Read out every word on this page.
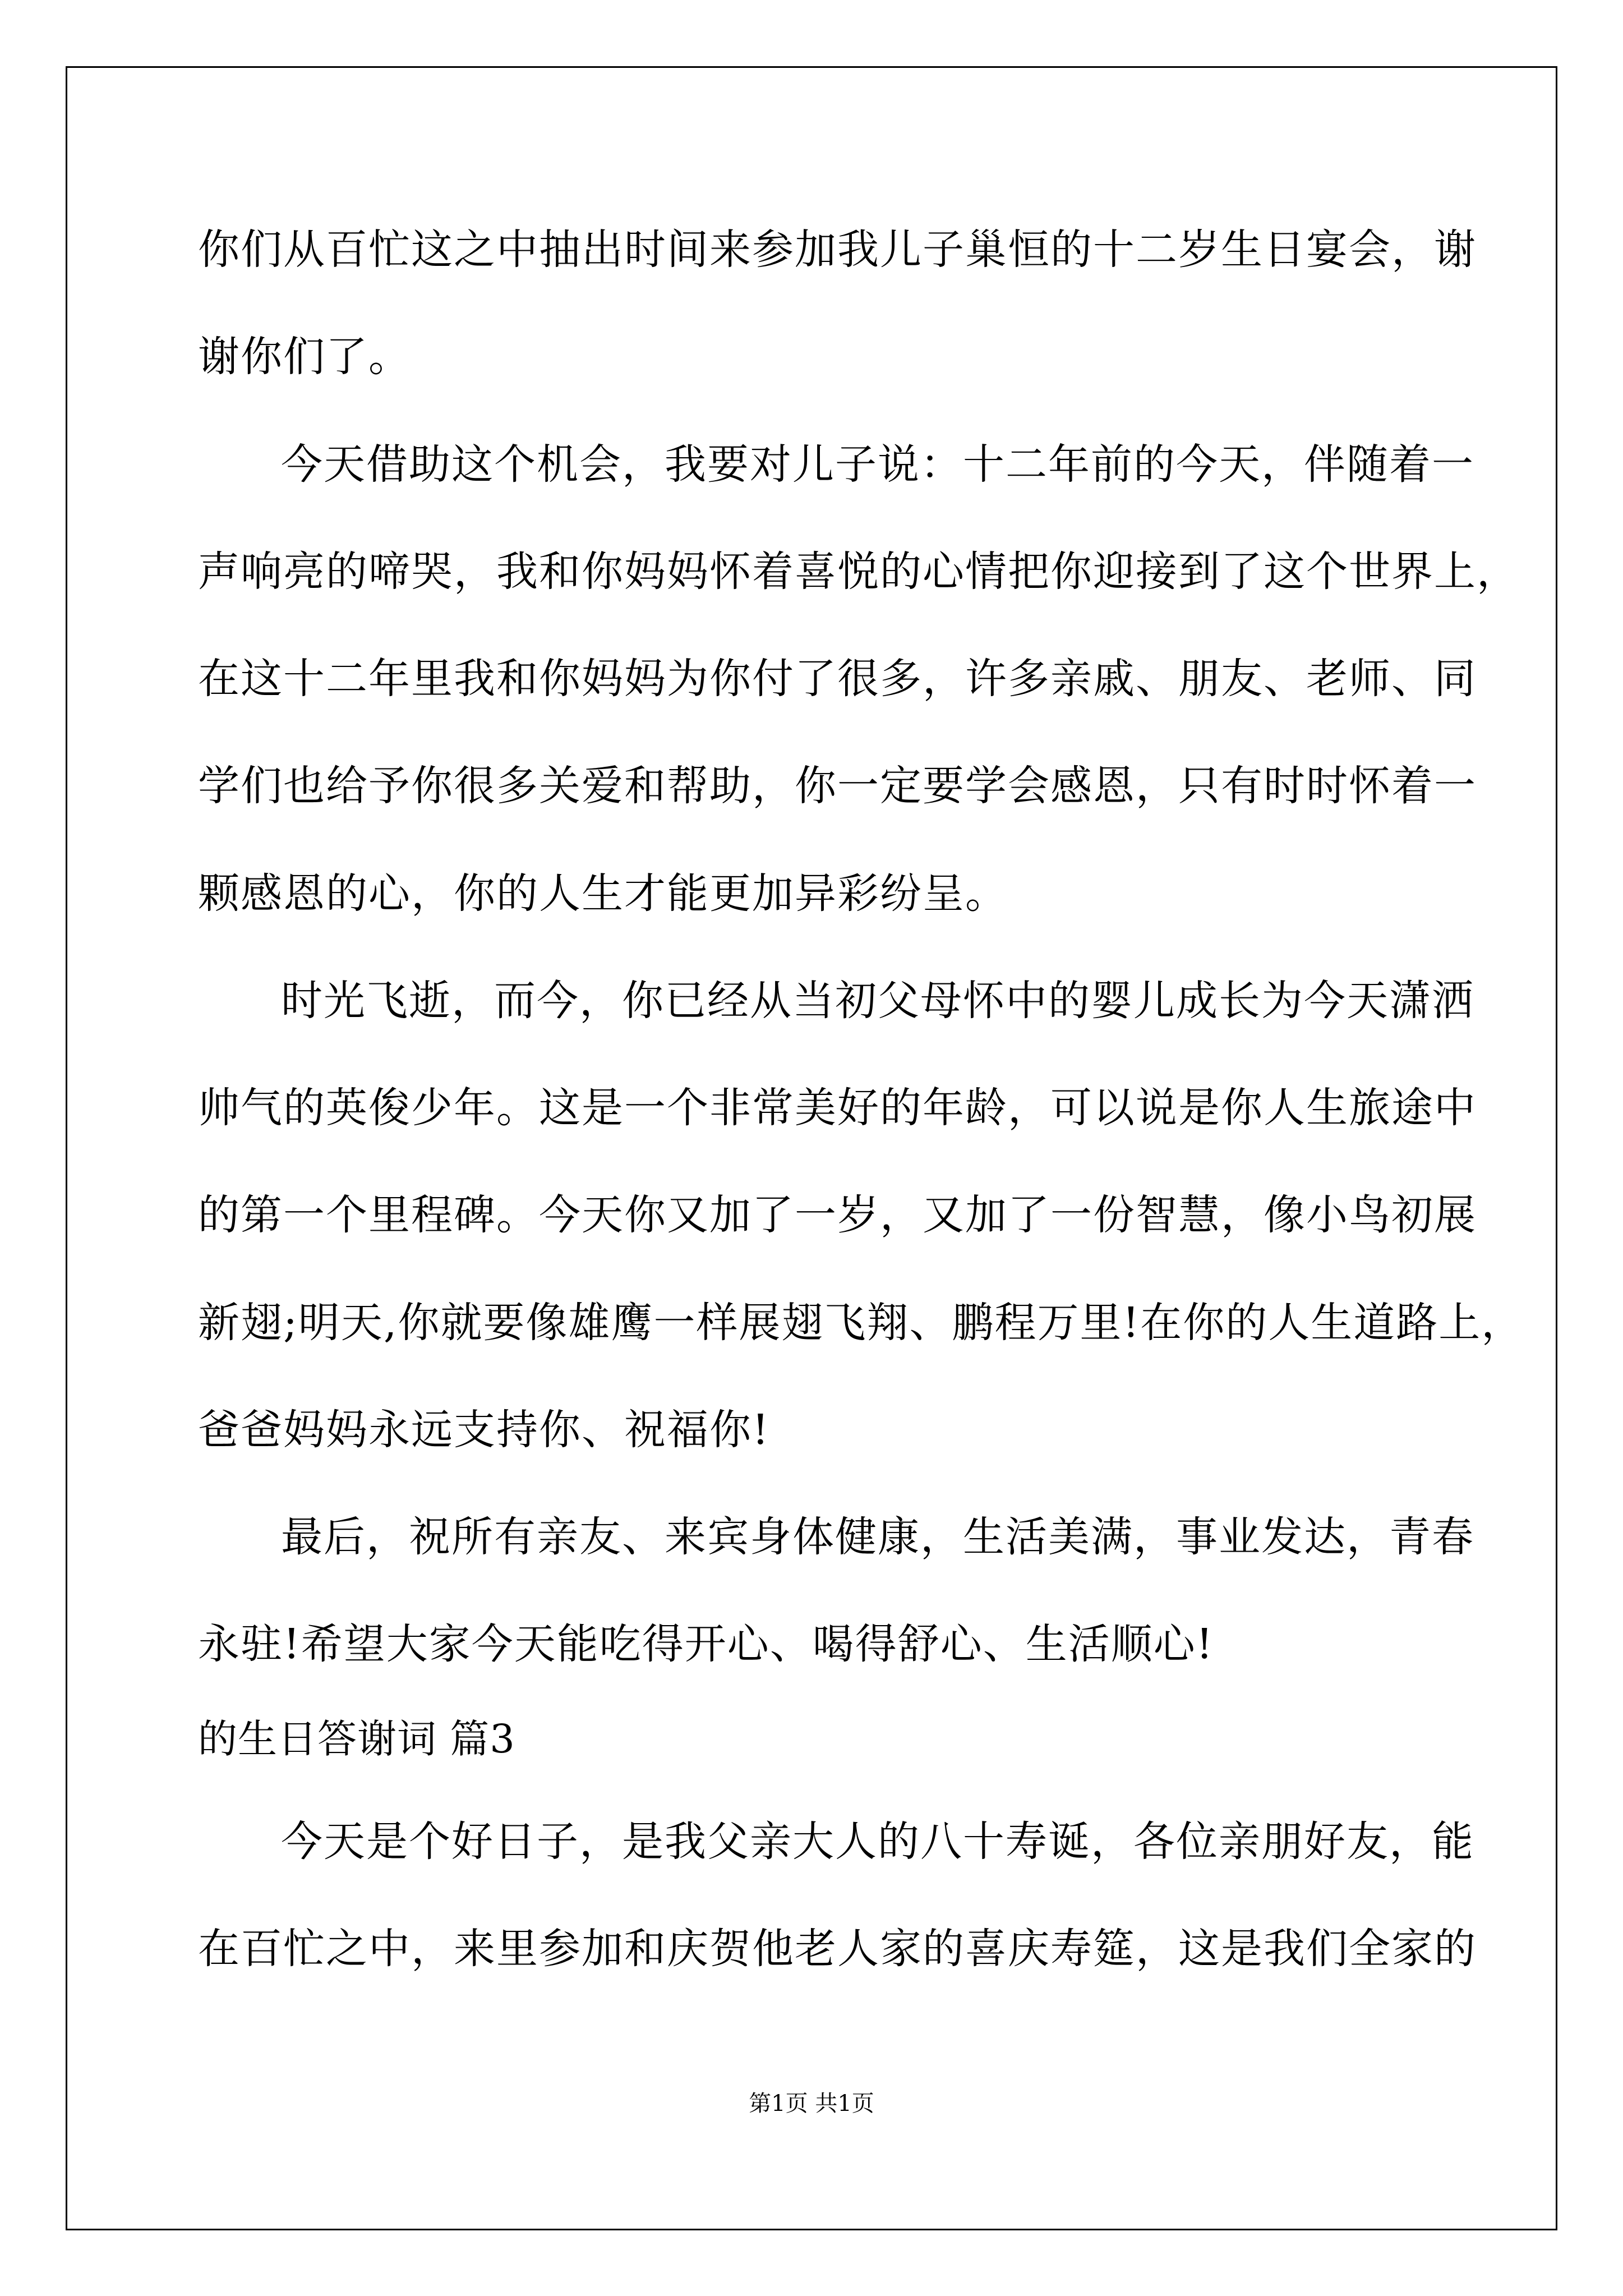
你们从百忙这之中抽出时间来参加我儿子巢恒的十二岁生日宴会，谢
谢你们了。
今天借助这个机会，我要对儿子说：十二年前的今天，伴随着一
声响亮的啼哭，我和你妈妈怀着喜悦的心情把你迎接到了这个世界上，
在这十二年里我和你妈妈为你付了很多，许多亲戚、朋友、老师、同
学们也给予你很多关爱和帮助，你一定要学会感恩，只有时时怀着一
颗感恩的心，你的人生才能更加异彩纷呈。
时光飞逝，而今，你已经从当初父母怀中的婴儿成长为今天潇洒
帅气的英俊少年。这是一个非常美好的年龄，可以说是你人生旅途中
的第一个里程碑。今天你又加了一岁，又加了一份智慧，像小鸟初展
新翅;明天,你就要像雄鹰一样展翅飞翔、鹏程万里!在你的人生道路上，
爸爸妈妈永远支持你、祝福你!
最后，祝所有亲友、来宾身体健康，生活美满，事业发达，青春
永驻!希望大家今天能吃得开心、喝得舒心、生活顺心!
的生日答谢词 篇3
今天是个好日子，是我父亲大人的八十寿诞，各位亲朋好友，能
在百忙之中，来里参加和庆贺他老人家的喜庆寿筵，这是我们全家的
第1页 共1页
